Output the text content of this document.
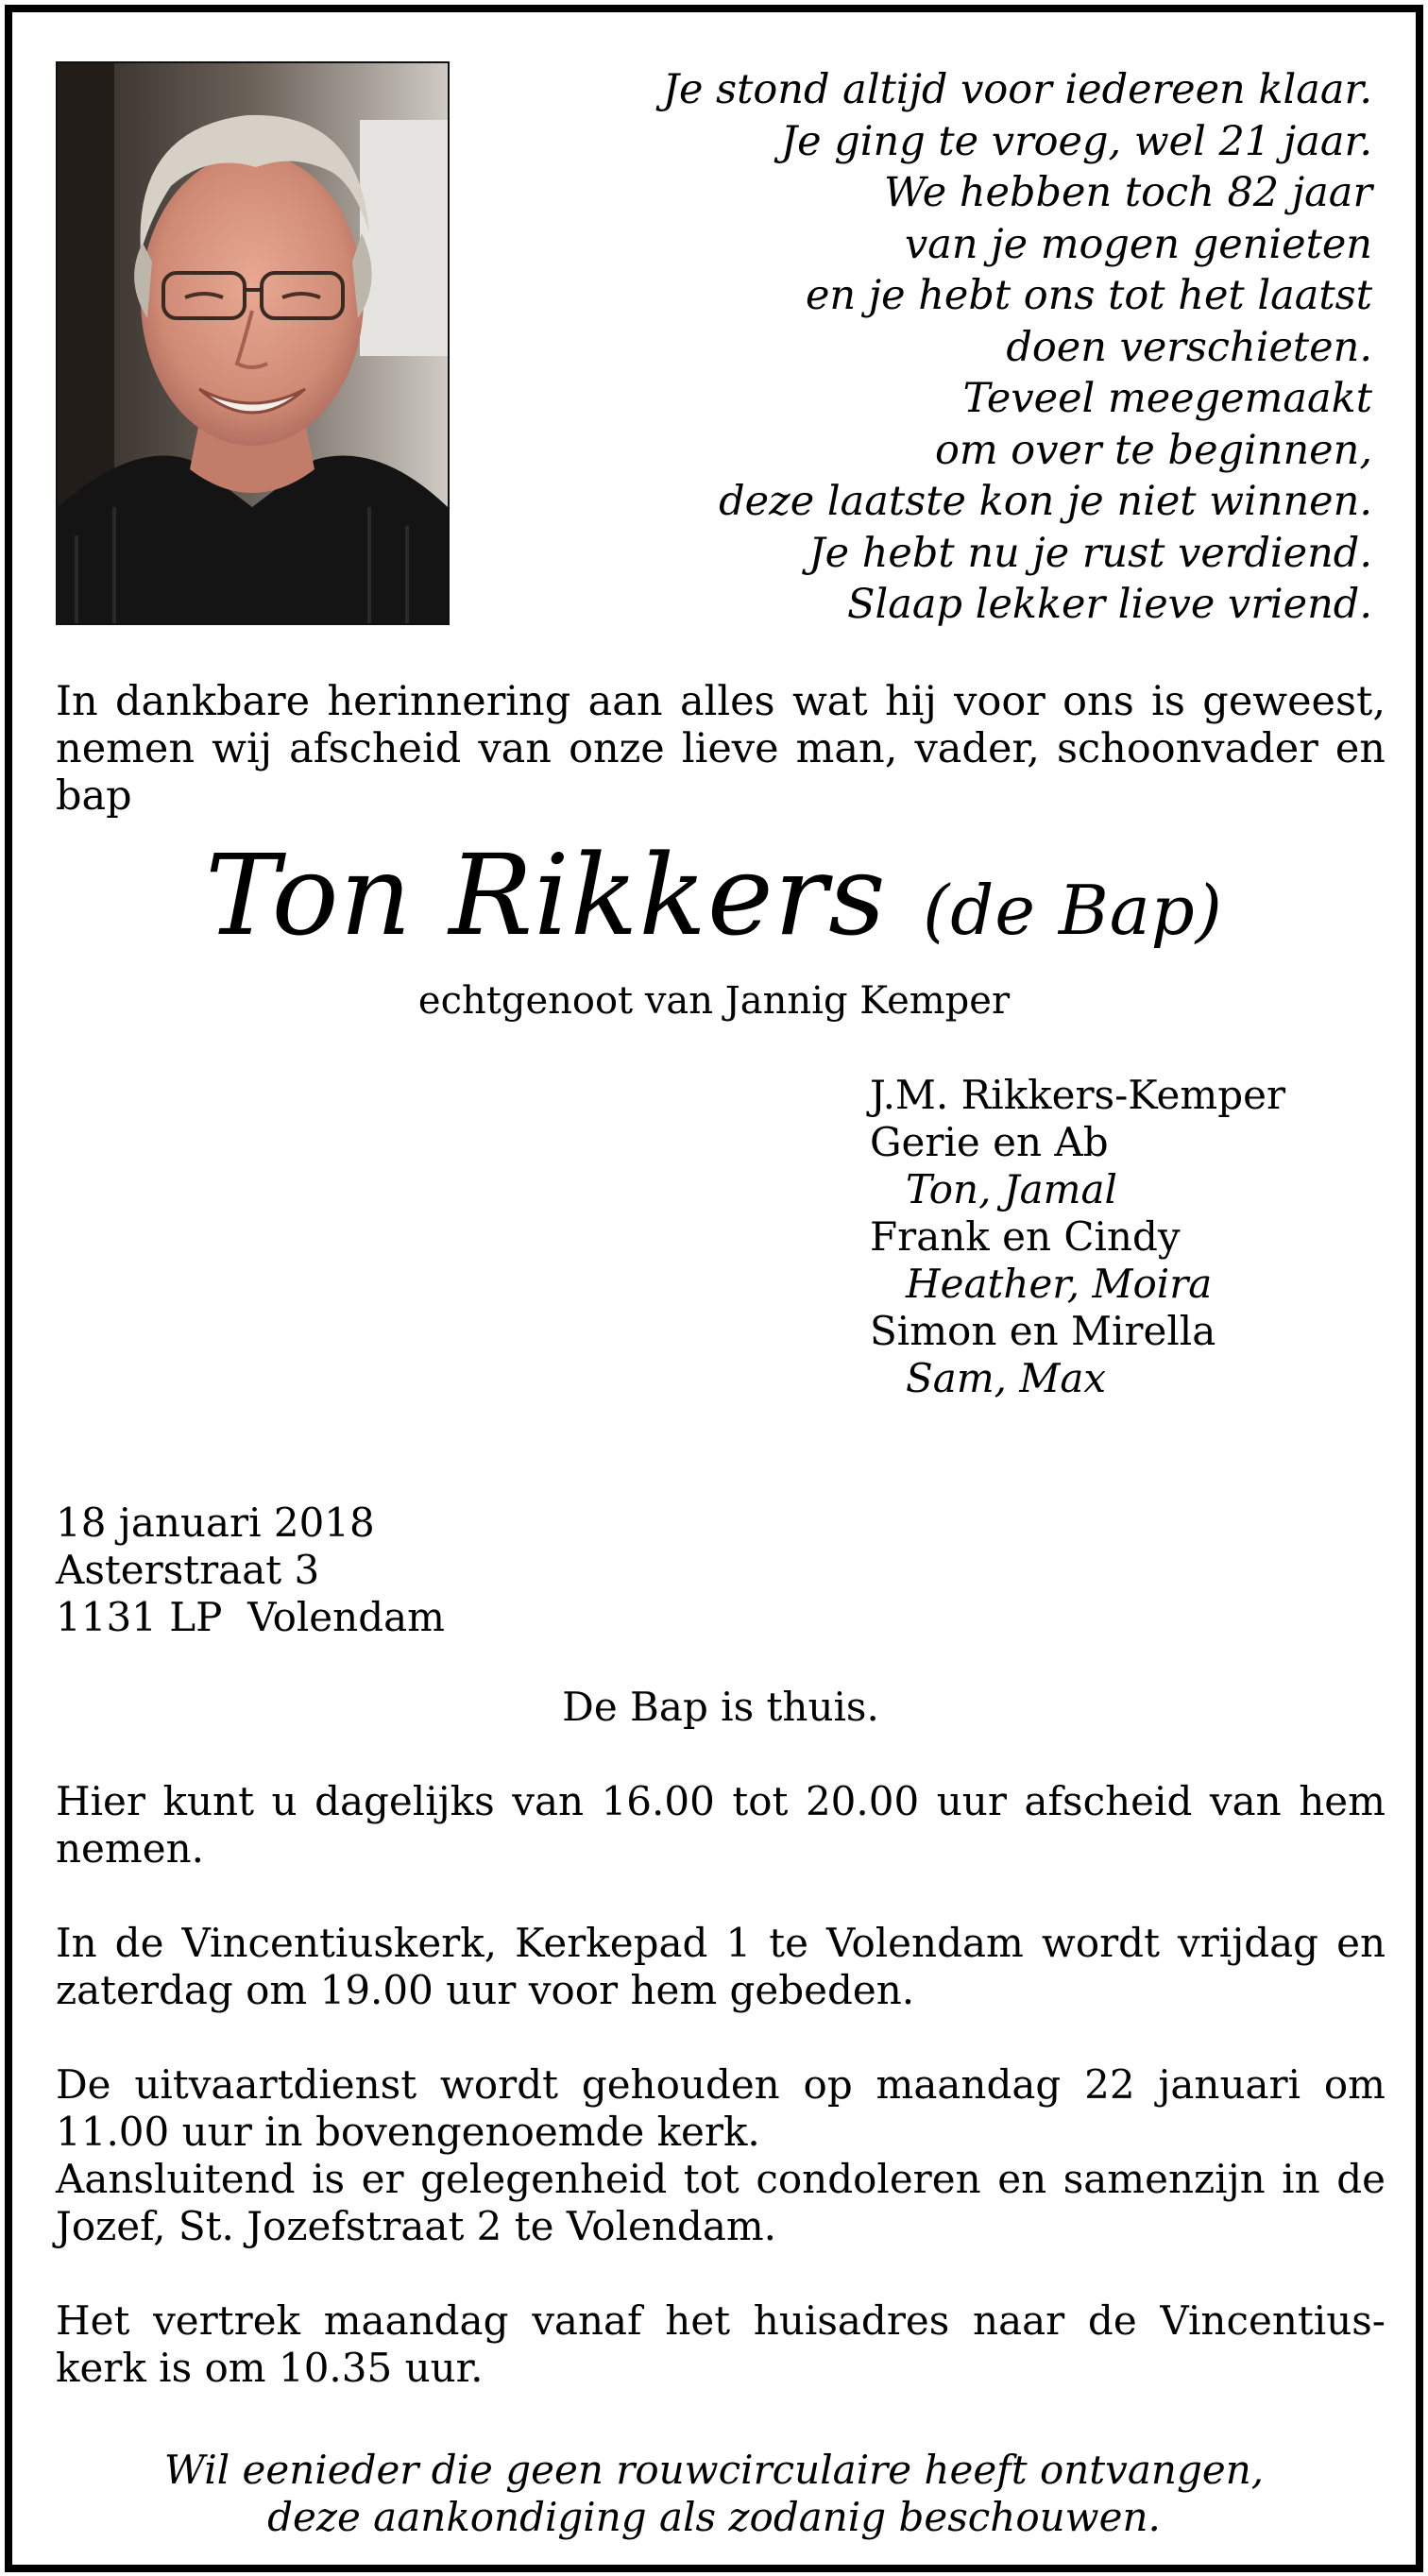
Je stond altijd voor iedereen klaar.
Je ging te vroeg, wel 21 jaar.
We hebben toch 82 jaar
van je mogen genieten
en je hebt ons tot het laatst
doen verschieten.
Teveel meegemaakt
om over te beginnen,
deze laatste kon je niet winnen.
Je hebt nu je rust verdiend.
Slaap lekker lieve vriend.
In dankbare herinnering aan alles wat hij voor ons is geweest,
nemen wij afscheid van onze lieve man, vader, schoonvader en
bap
Ton Rikkers (de Bap)
echtgenoot van Jannig Kemper
J.M. Rikkers-Kemper
Gerie en Ab
Ton, Jamal
Frank en Cindy
Heather, Moira
Simon en Mirella
Sam, Max
18 januari 2018
Asterstraat 3
1131 LP  Volendam
De Bap is thuis.
Hier kunt u dagelijks van 16.00 tot 20.00 uur afscheid van hem nemen.
In de Vincentiuskerk, Kerkepad 1 te Volendam wordt vrijdag en zaterdag om 19.00 uur voor hem gebeden.
De uitvaartdienst wordt gehouden op maandag 22 januari om 11.00 uur in bovengenoemde kerk.
Aansluitend is er gelegenheid tot condoleren en samenzijn in de Jozef, St. Jozefstraat 2 te Volendam.
Het vertrek maandag vanaf het huisadres naar de Vincentius-kerk is om 10.35 uur.
Wil eenieder die geen rouwcirculaire heeft ontvangen,
deze aankondiging als zodanig beschouwen.
